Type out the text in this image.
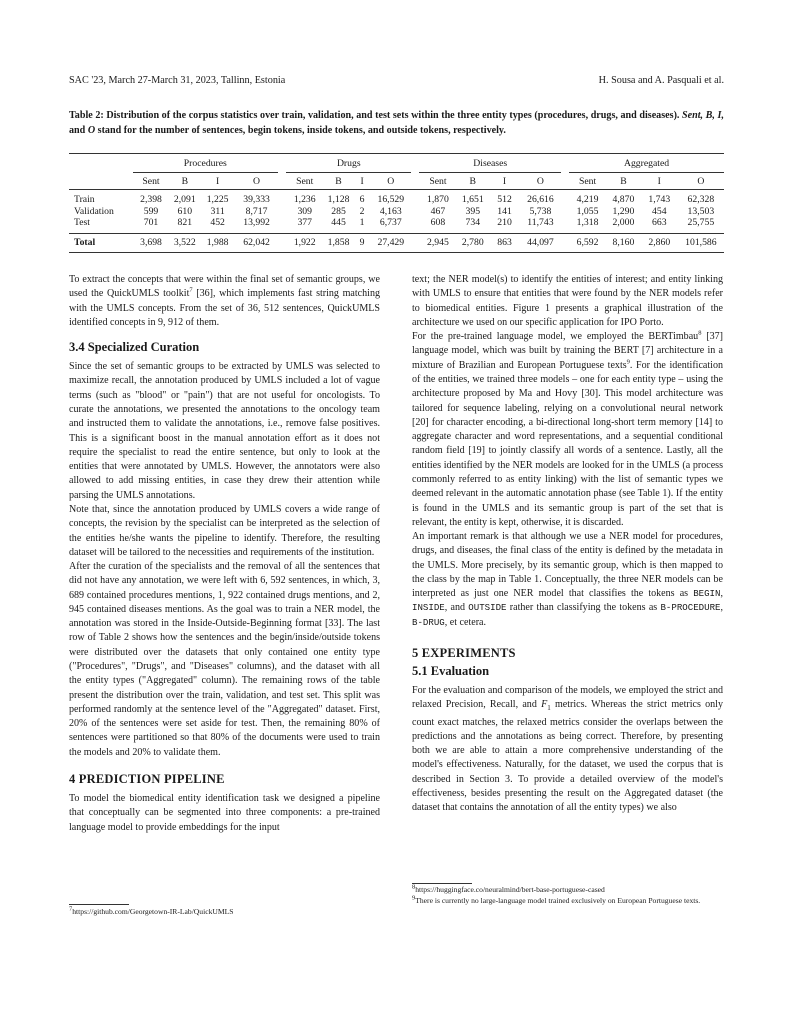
SAC '23, March 27-March 31, 2023, Tallinn, Estonia	H. Sousa and A. Pasquali et al.
Table 2: Distribution of the corpus statistics over train, validation, and test sets within the three entity types (procedures, drugs, and diseases). Sent, B, I, and O stand for the number of sentences, begin tokens, inside tokens, and outside tokens, respectively.
	Procedures					Drugs					Diseases					Aggregated			
	Sent	B	I	O		Sent	B	I	O		Sent	B	I	O		Sent	B	I	O
Train	2,398	2,091	1,225	39,333		1,236	1,128	6	16,529		1,870	1,651	512	26,616		4,219	4,870	1,743	62,328
Validation	599	610	311	8,717		309	285	2	4,163		467	395	141	5,738		1,055	1,290	454	13,503
Test	701	821	452	13,992		377	445	1	6,737		608	734	210	11,743		1,318	2,000	663	25,755
Total	3,698	3,522	1,988	62,042		1,922	1,858	9	27,429		2,945	2,780	863	44,097		6,592	8,160	2,860	101,586

To extract the concepts that were within the final set of semantic groups, we used the QuickUMLS toolkit$^7$ [36], which implements fast string matching with the UMLS concepts. From the set of 36, 512 sentences, QuickUMLS identified concepts in 9, 912 of them.

3.4 Specialized Curation

Since the set of semantic groups to be extracted by UMLS was selected to maximize recall, the annotation produced by UMLS included a lot of vague terms (such as "blood" or "pain") that are not useful for oncologists. To curate the annotations, we presented the annotations to the oncology team and instructed them to validate the annotations, i.e., remove false positives. This is a significant boost in the manual annotation effort as it does not require the specialist to read the entire sentence, but only to look at the entities that were annotated by UMLS. However, the annotators were also allowed to add missing entities, in case they drew their attention while parsing the UMLS annotations.

Note that, since the annotation produced by UMLS covers a wide range of concepts, the revision by the specialist can be interpreted as the selection of the entities he/she wants the pipeline to identify. Therefore, the resulting dataset will be tailored to the necessities and requirements of the institution.

After the curation of the specialists and the removal of all the sentences that did not have any annotation, we were left with 6, 592 sentences, in which, 3, 689 contained procedures mentions, 1, 922 contained drugs mentions, and 2, 945 contained diseases mentions. As the goal was to train a NER model, the annotation was stored in the Inside-Outside-Beginning format [33]. The last row of Table 2 shows how the sentences and the begin/inside/outside tokens were distributed over the datasets that only contained one entity type ("Procedures", "Drugs", and "Diseases" columns), and the dataset with all the entity types ("Aggregated" column). The remaining rows of the table present the distribution over the train, validation, and test set. This split was performed randomly at the sentence level of the "Aggregated" dataset. First, 20% of the sentences were set aside for test. Then, the remaining 80% of sentences were partitioned so that 80% of the documents were used to train the models and 20% to validate them.

4 PREDICTION PIPELINE

To model the biomedical entity identification task we designed a pipeline that conceptually can be segmented into three components: a pre-trained language model to provide embeddings for the input

$^7$https://github.com/Georgetown-IR-Lab/QuickUMLS

text; the NER model(s) to identify the entities of interest; and entity linking with UMLS to ensure that entities that were found by the NER models refer to biomedical entities. Figure 1 presents a graphical illustration of the architecture we used on our specific application for IPO Porto.

For the pre-trained language model, we employed the BERTimbau$^8$ [37] language model, which was built by training the BERT [7] architecture in a mixture of Brazilian and European Portuguese texts$^9$. For the identification of the entities, we trained three models – one for each entity type – using the architecture proposed by Ma and Hovy [30]. This model architecture was tailored for sequence labeling, relying on a convolutional neural network [20] for character encoding, a bi-directional long-short term memory [14] to aggregate character and word representations, and a sequential conditional random field [19] to jointly classify all words of a sentence. Lastly, all the entities identified by the NER models are looked for in the UMLS (a process commonly referred to as entity linking) with the list of semantic types we deemed relevant in the automatic annotation phase (see Table 1). If the entity is found in the UMLS and its semantic group is part of the set that is relevant, the entity is kept, otherwise, it is discarded.

An important remark is that although we use a NER model for procedures, drugs, and diseases, the final class of the entity is defined by the metadata in the UMLS. More precisely, by its semantic group, which is then mapped to the class by the map in Table 1. Conceptually, the three NER models can be interpreted as just one NER model that classifies the tokens as BEGIN, INSIDE, and OUTSIDE rather than classifying the tokens as B-PROCEDURE, B-DRUG, et cetera.

5 EXPERIMENTS
5.1 Evaluation

For the evaluation and comparison of the models, we employed the strict and relaxed Precision, Recall, and $F_1$ metrics. Whereas the strict metrics only count exact matches, the relaxed metrics consider the overlaps between the predictions and the annotations as being correct. Therefore, by presenting both we are able to attain a more comprehensive understanding of the model's effectiveness. Naturally, for the dataset, we used the corpus that is described in Section 3. To provide a detailed overview of the model's effectiveness, besides presenting the result on the Aggregated dataset (the dataset that contains the annotation of all the entity types) we also

$^8$https://huggingface.co/neuralmind/bert-base-portuguese-cased
$^9$There is currently no large-language model trained exclusively on European Portuguese texts.
